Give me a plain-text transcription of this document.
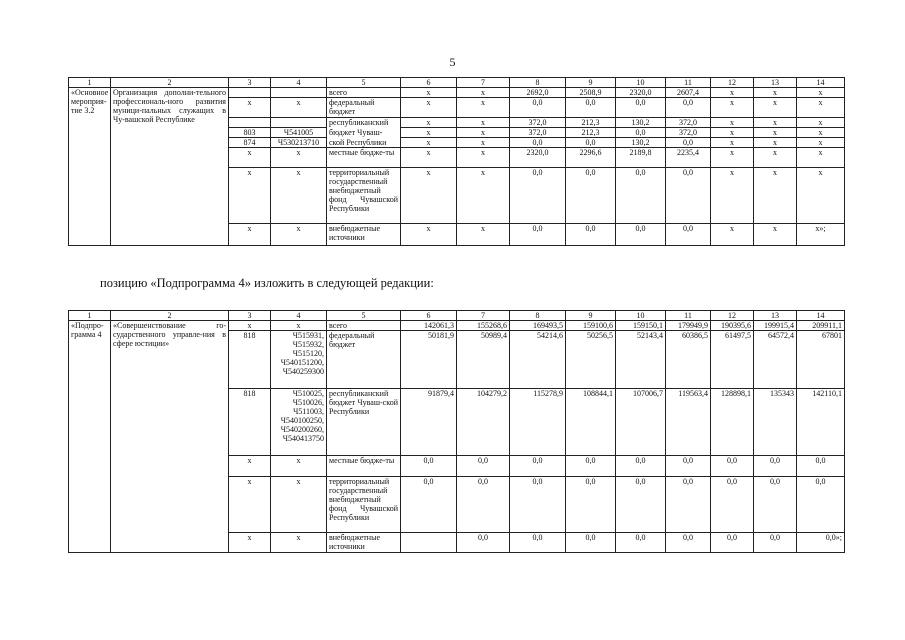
5
1	2	3	4	5	6	7	8	9	10	11	12	13	14
«Основное мероприя-тие 3.2	Организация дополни-тельного профессиональ-ного развития муници-пальных служащих в Чу-вашской Республике			всего	x	x	2692,0	2508,9	2320,0	2607,4	x	x	x
		x	x	федеральный бюджет	x	x	0,0	0,0	0,0	0,0	x	x	x
				республиканский	x	x	372,0	212,3	130,2	372,0	x	x	x
		803	Ч541005	бюджет Чуваш-	x	x	372,0	212,3	0,0	372,0	x	x	x
		874	Ч530213710	ской Республики	x	x	0,0	0,0	130,2	0,0	x	x	x
		x	x	местные бюдже-ты	x	x	2320,0	2296,6	2189,8	2235,4	x	x	x
		x	x	территориальный государственный внебюджетный фонд Чувашской Республики	x	x	0,0	0,0	0,0	0,0	x	x	x
		x	x	внебюджетные источники	x	x	0,0	0,0	0,0	0,0	x	x	x»;
позицию «Подпрограмма 4» изложить в следующей редакции:
1	2	3	4	5	6	7	8	9	10	11	12	13	14
«Подпро-грамма 4	«Совершенствование го-сударственного управле-ния в сфере юстиции»	x	x	всего	142061,3	155268,6	169493,5	159100,6	159150,1	179949,9	190395,6	199915,4	209911,1
		818	Ч515931, Ч515932, Ч515120, Ч540151200, Ч540259300	федеральный бюджет	50181,9	50989,4	54214,6	50256,5	52143,4	60386,5	61497,5	64572,4	67801
		818	Ч510025, Ч510026, Ч511003, Ч540100250, Ч540200260, Ч540413750	республиканский бюджет Чуваш-ской Республики	91879,4	104279,2	115278,9	108844,1	107006,7	119563,4	128898,1	135343	142110,1
		x	x	местные бюдже-ты	0,0	0,0	0,0	0,0	0,0	0,0	0,0	0,0	0,0
		x	x	территориальный государственный внебюджетный фонд Чувашской Республики	0,0	0,0	0,0	0,0	0,0	0,0	0,0	0,0	0,0
		x	x	внебюджетные источники		0,0	0,0	0,0	0,0	0,0	0,0	0,0	0,0»;
